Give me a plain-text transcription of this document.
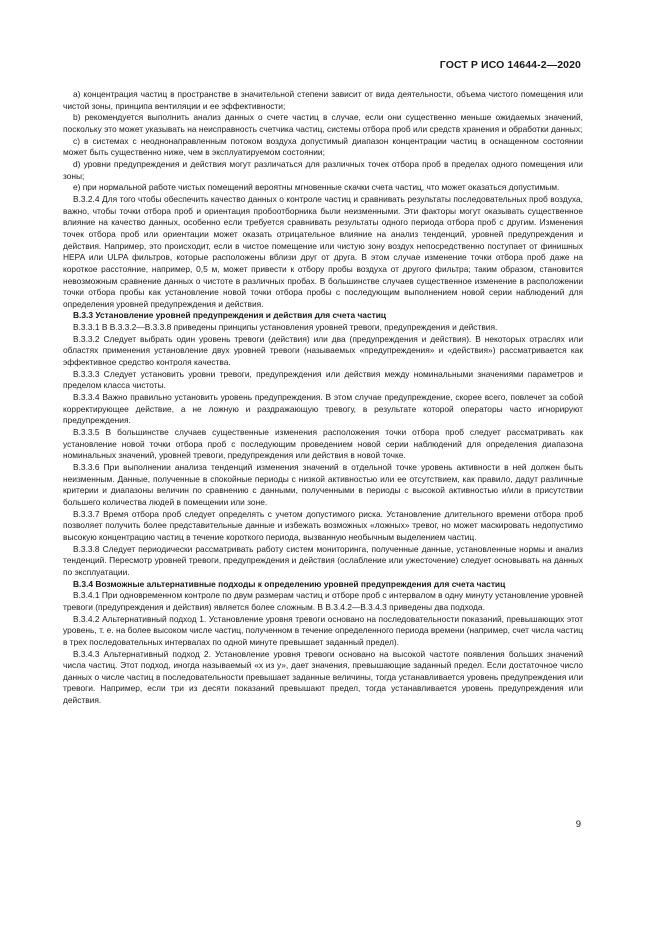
ГОСТ Р ИСО 14644-2—2020

a) концентрация частиц в пространстве в значительной степени зависит от вида деятельности, объема чистого помещения или чистой зоны, принципа вентиляции и ее эффективности;

b) рекомендуется выполнить анализ данных о счете частиц в случае, если они существенно меньше ожидаемых значений, поскольку это может указывать на неисправность счетчика частиц, системы отбора проб или средств хранения и обработки данных;

c) в системах с неоднонаправленным потоком воздуха допустимый диапазон концентрации частиц в оснащенном состоянии может быть существенно ниже, чем в эксплуатируемом состоянии;

d) уровни предупреждения и действия могут различаться для различных точек отбора проб в пределах одного помещения или зоны;

e) при нормальной работе чистых помещений вероятны мгновенные скачки счета частиц, что может оказаться допустимым.

B.3.2.4 Для того чтобы обеспечить качество данных о контроле частиц и сравнивать результаты последовательных проб воздуха, важно, чтобы точки отбора проб и ориентация пробоотборника были неизменными. Эти факторы могут оказывать существенное влияние на качество данных, особенно если требуется сравнивать результаты одного периода отбора проб с другим. Изменения точек отбора проб или ориентации может оказать отрицательное влияние на анализ тенденций, уровней предупреждения и действия. Например, это происходит, если в чистое помещение или чистую зону воздух непосредственно поступает от финишных HEPA или ULPA фильтров, которые расположены вблизи друг от друга. В этом случае изменение точки отбора проб даже на короткое расстояние, например, 0,5 м, может привести к отбору пробы воздуха от другого фильтра; таким образом, становится невозможным сравнение данных о чистоте в различных пробах. В большинстве случаев существенное изменение в расположении точки отбора пробы как установление новой точки отбора пробы с последующим выполнением новой серии наблюдений для определения уровней предупреждения и действия.

B.3.3 Установление уровней предупреждения и действия для счета частиц

B.3.3.1 В B.3.3.2—B.3.3.8 приведены принципы установления уровней тревоги, предупреждения и действия.

B.3.3.2 Следует выбрать один уровень тревоги (действия) или два (предупреждения и действия). В некоторых отраслях или областях применения установление двух уровней тревоги (называемых «предупреждения» и «действия») рассматривается как эффективное средство контроля качества.

B.3.3.3 Следует установить уровни тревоги, предупреждения или действия между номинальными значениями параметров и пределом класса чистоты.

B.3.3.4 Важно правильно установить уровень предупреждения. В этом случае предупреждение, скорее всего, повлечет за собой корректирующее действие, а не ложную и раздражающую тревогу, в результате которой операторы часто игнорируют предупреждения.

B.3.3.5 В большинстве случаев существенные изменения расположения точки отбора проб следует рассматривать как установление новой точки отбора проб с последующим проведением новой серии наблюдений для определения диапазона номинальных значений, уровней тревоги, предупреждения или действия в новой точке.

B.3.3.6 При выполнении анализа тенденций изменения значений в отдельной точке уровень активности в ней должен быть неизменным. Данные, полученные в спокойные периоды с низкой активностью или ее отсутствием, как правило, дадут различные критерии и диапазоны величин по сравнению с данными, полученными в периоды с высокой активностью и/или в присутствии большего количества людей в помещении или зоне.

B.3.3.7 Время отбора проб следует определять с учетом допустимого риска. Установление длительного времени отбора проб позволяет получить более представительные данные и избежать возможных «ложных» тревог, но может маскировать недопустимо высокую концентрацию частиц в течение короткого периода, вызванную необычным выделением частиц.

B.3.3.8 Следует периодически рассматривать работу систем мониторинга, полученные данные, установленные нормы и анализ тенденций. Пересмотр уровней тревоги, предупреждения и действия (ослабление или ужесточение) следует основывать на данных по эксплуатации.

B.3.4 Возможные альтернативные подходы к определению уровней предупреждения для счета частиц

B.3.4.1 При одновременном контроле по двум размерам частиц и отборе проб с интервалом в одну минуту установление уровней тревоги (предупреждения и действия) является более сложным. В B.3.4.2—B.3.4.3 приведены два подхода.

B.3.4.2 Альтернативный подход 1. Установление уровня тревоги основано на последовательности показаний, превышающих этот уровень, т. е. на более высоком числе частиц, полученном в течение определенного периода времени (например, счет числа частиц в трех последовательных интервалах по одной минуте превышает заданный предел).

B.3.4.3 Альтернативный подход 2. Установление уровня тревоги основано на высокой частоте появления больших значений числа частиц. Этот подход, иногда называемый «x из y», дает значения, превышающие заданный предел. Если достаточное число данных о числе частиц в последовательности превышает заданные величины, тогда устанавливается уровень предупреждения или тревоги. Например, если три из десяти показаний превышают предел, тогда устанавливается уровень предупреждения или действия.

9
